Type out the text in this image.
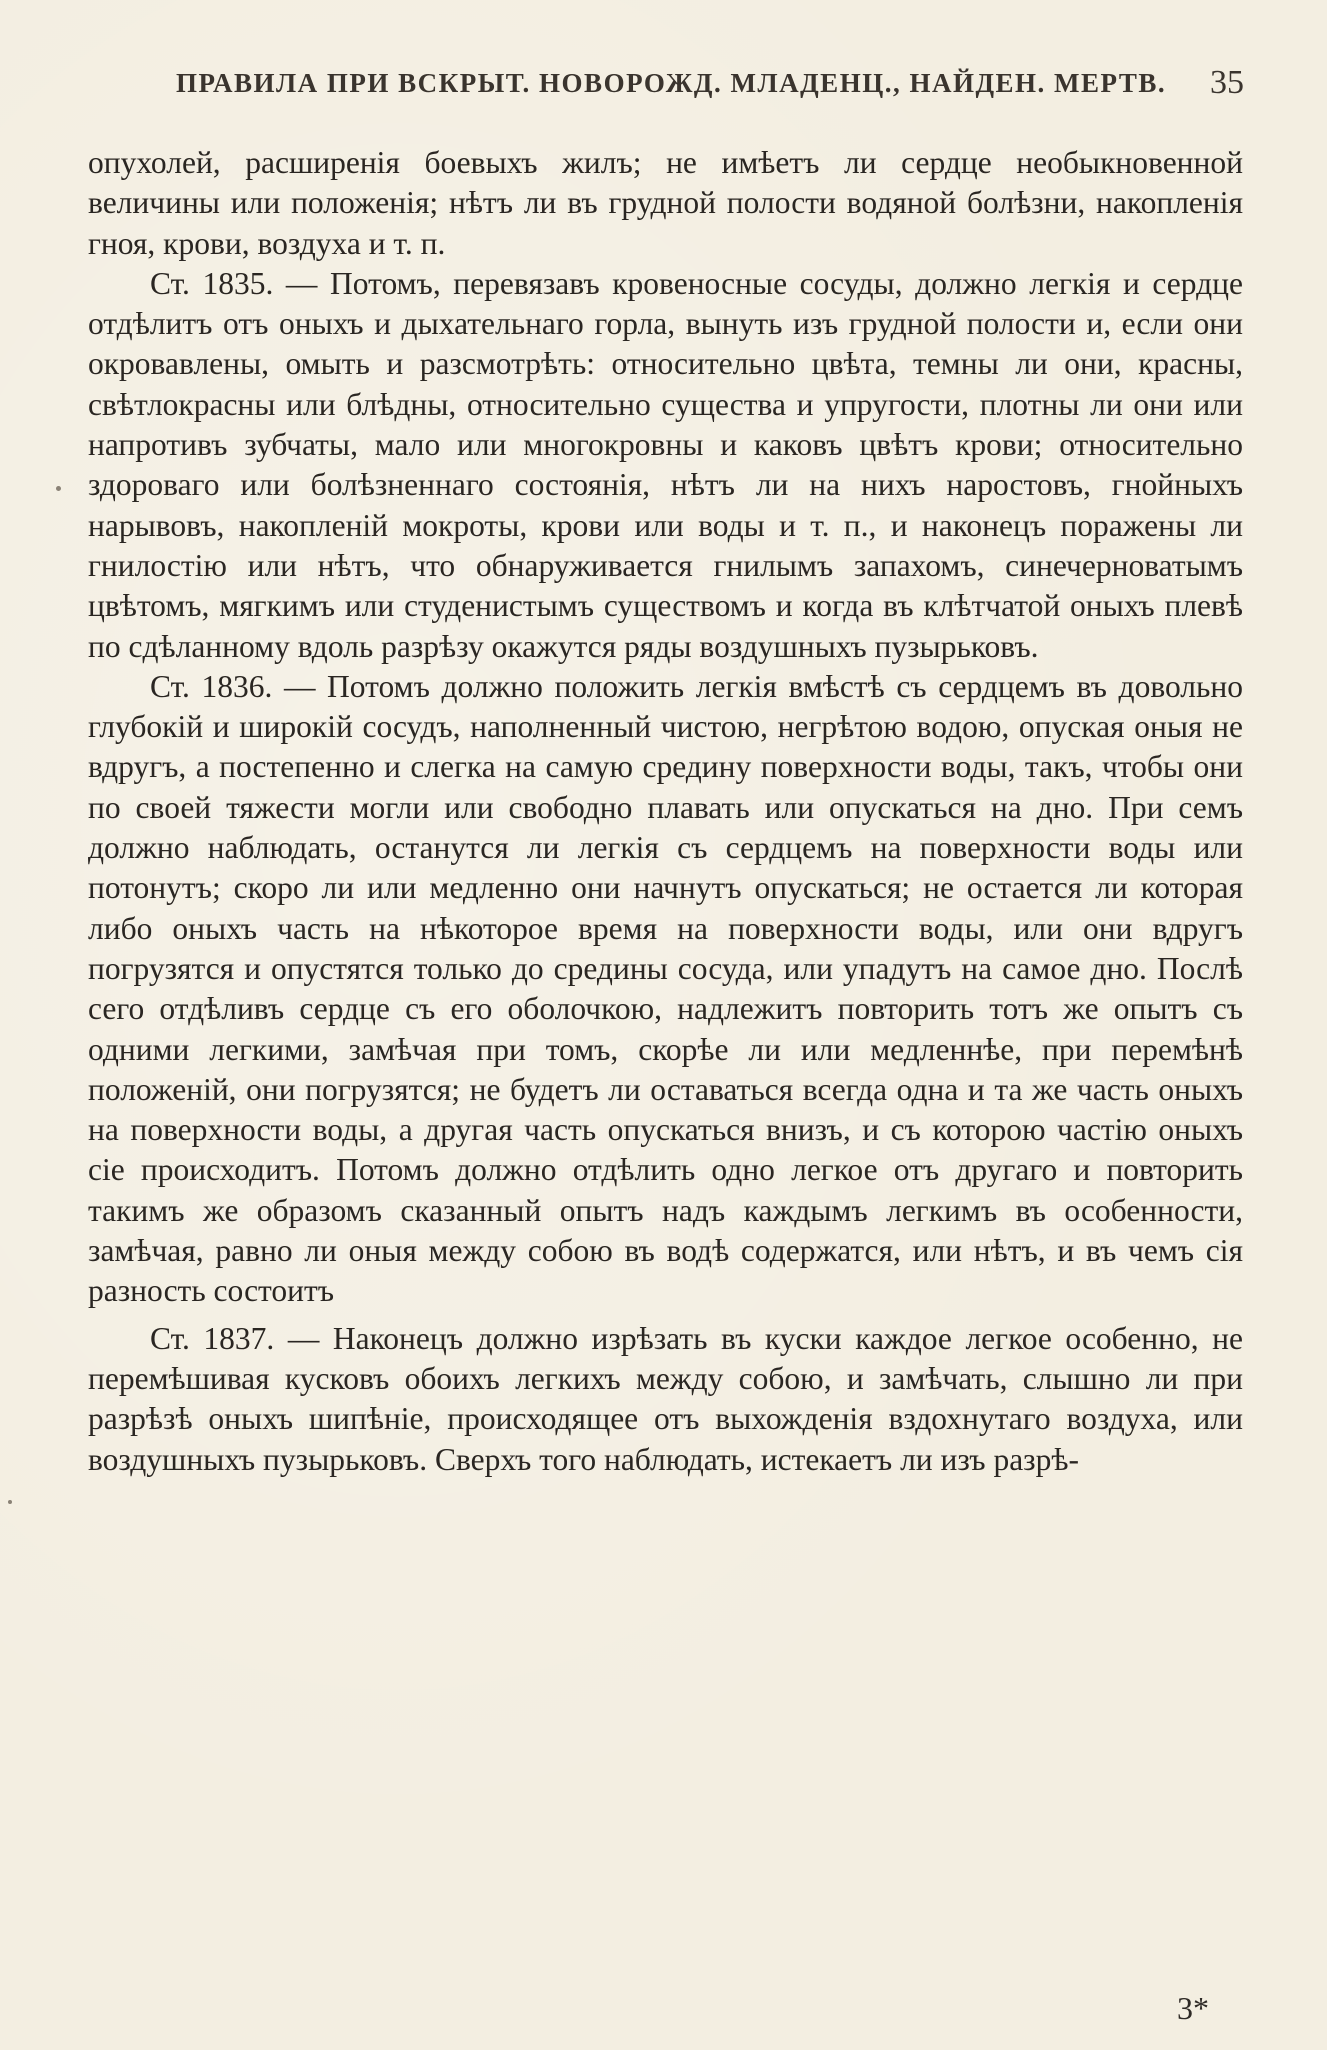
ПРАВИЛА ПРИ ВСКРЫТ. НОВОРОЖД. МЛАДЕНЦ., НАЙДЕН. МЕРТВ. 35

опухолей, расширенія боевыхъ жилъ; не имѣетъ ли сердце необыкновенной величины или положенія; нѣтъ ли въ грудной полости водяной болѣзни, накопленія гноя, крови, воздуха и т. п.

Ст. 1835. — Потомъ, перевязавъ кровеносные сосуды, должно легкія и сердце отдѣлитъ отъ оныхъ и дыхательнаго горла, вынуть изъ грудной полости и, если они окровавлены, омыть и разсмотрѣть: относительно цвѣта, темны ли они, красны, свѣтлокрасны или блѣдны, относительно существа и упругости, плотны ли они или напротивъ зубчаты, мало или многокровны и каковъ цвѣтъ крови; относительно здороваго или болѣзненнаго состоянія, нѣтъ ли на нихъ наростовъ, гнойныхъ нарывовъ, накопленій мокроты, крови или воды и т. п., и наконецъ поражены ли гнилостію или нѣтъ, что обнаруживается гнилымъ запахомъ, синечерноватымъ цвѣтомъ, мягкимъ или студенистымъ существомъ и когда въ клѣтчатой оныхъ плевѣ по сдѣланному вдоль разрѣзу окажутся ряды воздушныхъ пузырьковъ.

Ст. 1836. — Потомъ должно положить легкія вмѣстѣ съ сердцемъ въ довольно глубокій и широкій сосудъ, наполненный чистою, негрѣтою водою, опуская оныя не вдругъ, а постепенно и слегка на самую средину поверхности воды, такъ, чтобы они по своей тяжести могли или свободно плавать или опускаться на дно. При семъ должно наблюдать, останутся ли легкія съ сердцемъ на поверхности воды или потонутъ; скоро ли или медленно они начнутъ опускаться; не остается ли которая либо оныхъ часть на нѣкоторое время на поверхности воды, или они вдругъ погрузятся и опустятся только до средины сосуда, или упадутъ на самое дно. Послѣ сего отдѣливъ сердце съ его оболочкою, надлежитъ повторить тотъ же опытъ съ одними легкими, замѣчая при томъ, скорѣе ли или медленнѣе, при перемѣнѣ положеній, они погрузятся; не будетъ ли оставаться всегда одна и та же часть оныхъ на поверхности воды, а другая часть опускаться внизъ, и съ которою частію оныхъ сіе происходитъ. Потомъ должно отдѣлить одно легкое отъ другаго и повторить такимъ же образомъ сказанный опытъ надъ каждымъ легкимъ въ особенности, замѣчая, равно ли оныя между собою въ водѣ содержатся, или нѣтъ, и въ чемъ сія разность состоитъ

Ст. 1837. — Наконецъ должно изрѣзать въ куски каждое легкое особенно, не перемѣшивая кусковъ обоихъ легкихъ между собою, и замѣчать, слышно ли при разрѣзѣ оныхъ шипѣніе, происходящее отъ выхожденія вздохнутаго воздуха, или воздушныхъ пузырьковъ. Сверхъ того наблюдать, истекаетъ ли изъ разрѣ-

3*
